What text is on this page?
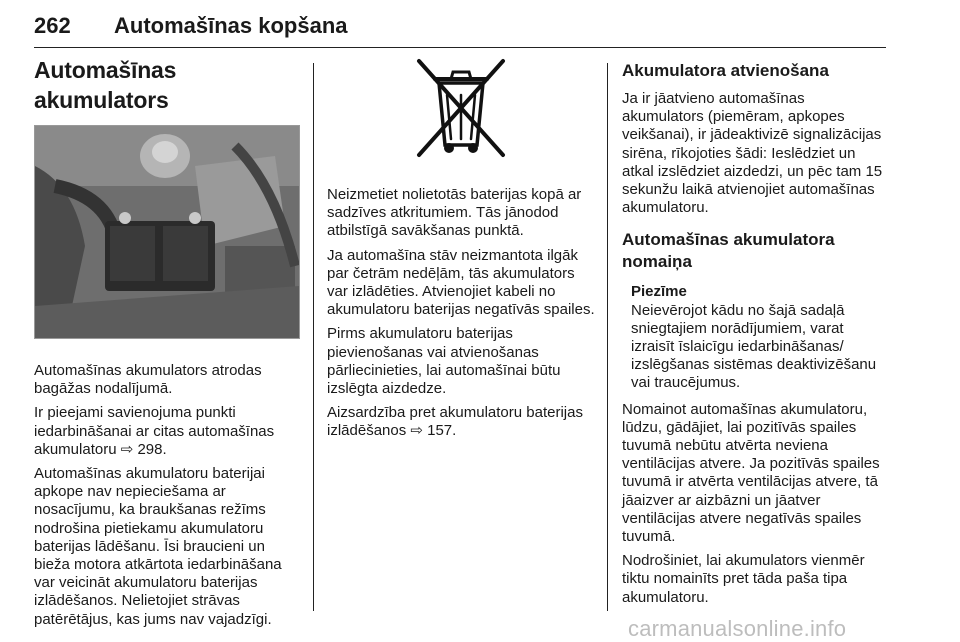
262 Automašīnas kopšana
Automašīnas akumulators

Automašīnas akumulators atrodas bagāžas nodalījumā.

Ir pieejami savienojuma punkti iedarbināšanai ar citas automašīnas akumulatoru ⇨ 298.

Automašīnas akumulatoru baterijai apkope nav nepieciešama ar nosacījumu, ka braukšanas režīms nodrošina pietiekamu akumulatoru baterijas lādēšanu. Īsi braucieni un bieža motora atkārtota iedarbināšana var veicināt akumulatoru baterijas izlādēšanos. Nelietojiet strāvas patērētājus, kas jums nav vajadzīgi.

Neizmetiet nolietotās baterijas kopā ar sadzīves atkritumiem. Tās jānodod atbilstīgā savākšanas punktā.

Ja automašīna stāv neizmantota ilgāk par četrām nedēļām, tās akumulators var izlādēties. Atvienojiet kabeli no akumulatoru baterijas negatīvās spailes.

Pirms akumulatoru baterijas pievienošanas vai atvienošanas pārliecinieties, lai automašīnai būtu izslēgta aizdedze.

Aizsardzība pret akumulatoru baterijas izlādēšanos ⇨ 157.

Akumulatora atvienošana

Ja ir jāatvieno automašīnas akumulators (piemēram, apkopes veikšanai), ir jādeaktivizē signalizācijas sirēna, rīkojoties šādi: Ieslēdziet un atkal izslēdziet aizdedzi, un pēc tam 15 sekunžu laikā atvienojiet automašīnas akumulatoru.

Automašīnas akumulatora nomaiņa
Piezīme

Neievērojot kādu no šajā sadaļā sniegtajiem norādījumiem, varat izraisīt īslaicīgu iedarbināšanas/ izslēgšanas sistēmas deaktivizēšanu vai traucējumus.

Nomainot automašīnas akumulatoru, lūdzu, gādājiet, lai pozitīvās spailes tuvumā nebūtu atvērta neviena ventilācijas atvere. Ja pozitīvās spailes tuvumā ir atvērta ventilācijas atvere, tā jāaizver ar aizbāzni un jāatver ventilācijas atvere negatīvās spailes tuvumā.

Nodrošiniet, lai akumulators vienmēr tiktu nomainīts pret tāda paša tipa akumulatoru.

carmanualsonline.info
